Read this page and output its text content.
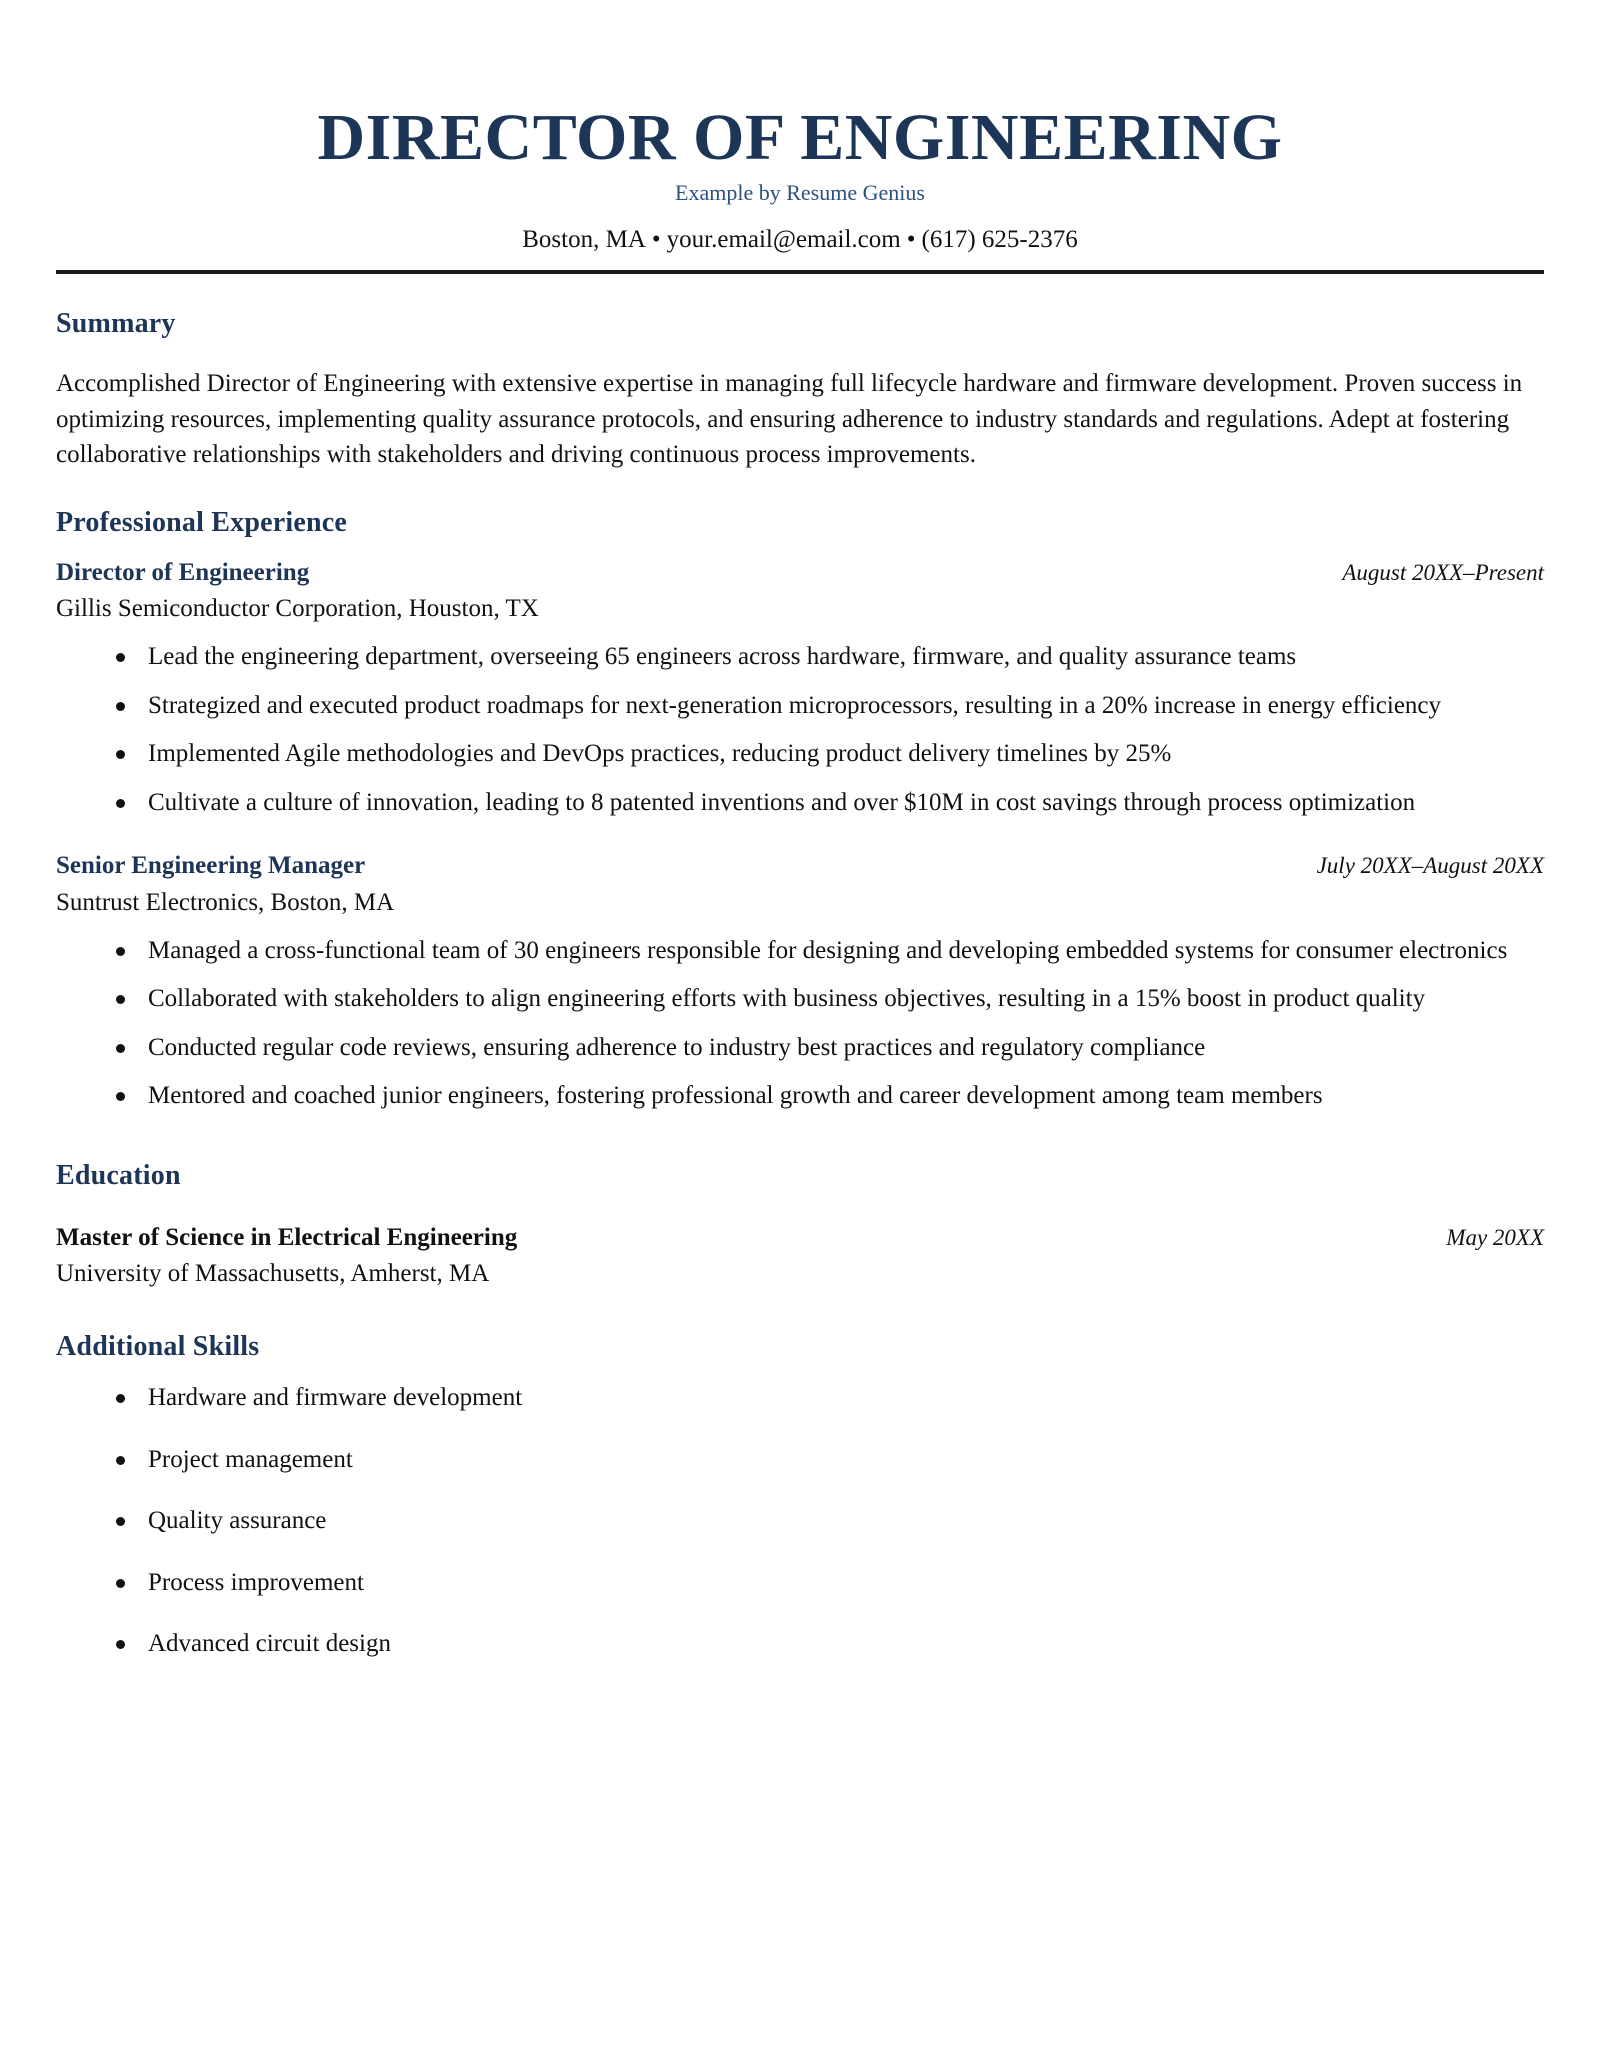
DIRECTOR OF ENGINEERING
Example by Resume Genius
Boston, MA • your.email@email.com • (617) 625-2376
Summary

Accomplished Director of Engineering with extensive expertise in managing full lifecycle hardware and firmware development. Proven success in optimizing resources, implementing quality assurance protocols, and ensuring adherence to industry standards and regulations. Adept at fostering collaborative relationships with stakeholders and driving continuous process improvements.

Professional Experience
Director of Engineering	August 20XX–Present
Gillis Semiconductor Corporation, Houston, TX
Lead the engineering department, overseeing 65 engineers across hardware, firmware, and quality assurance teams
Strategized and executed product roadmaps for next-generation microprocessors, resulting in a 20% increase in energy efficiency
Implemented Agile methodologies and DevOps practices, reducing product delivery timelines by 25%
Cultivate a culture of innovation, leading to 8 patented inventions and over $10M in cost savings through process optimization
Senior Engineering Manager	July 20XX–August 20XX
Suntrust Electronics, Boston, MA
Managed a cross-functional team of 30 engineers responsible for designing and developing embedded systems for consumer electronics
Collaborated with stakeholders to align engineering efforts with business objectives, resulting in a 15% boost in product quality
Conducted regular code reviews, ensuring adherence to industry best practices and regulatory compliance
Mentored and coached junior engineers, fostering professional growth and career development among team members
Education
Master of Science in Electrical Engineering	May 20XX
University of Massachusetts, Amherst, MA
Additional Skills
Hardware and firmware development
Project management
Quality assurance
Process improvement
Advanced circuit design
